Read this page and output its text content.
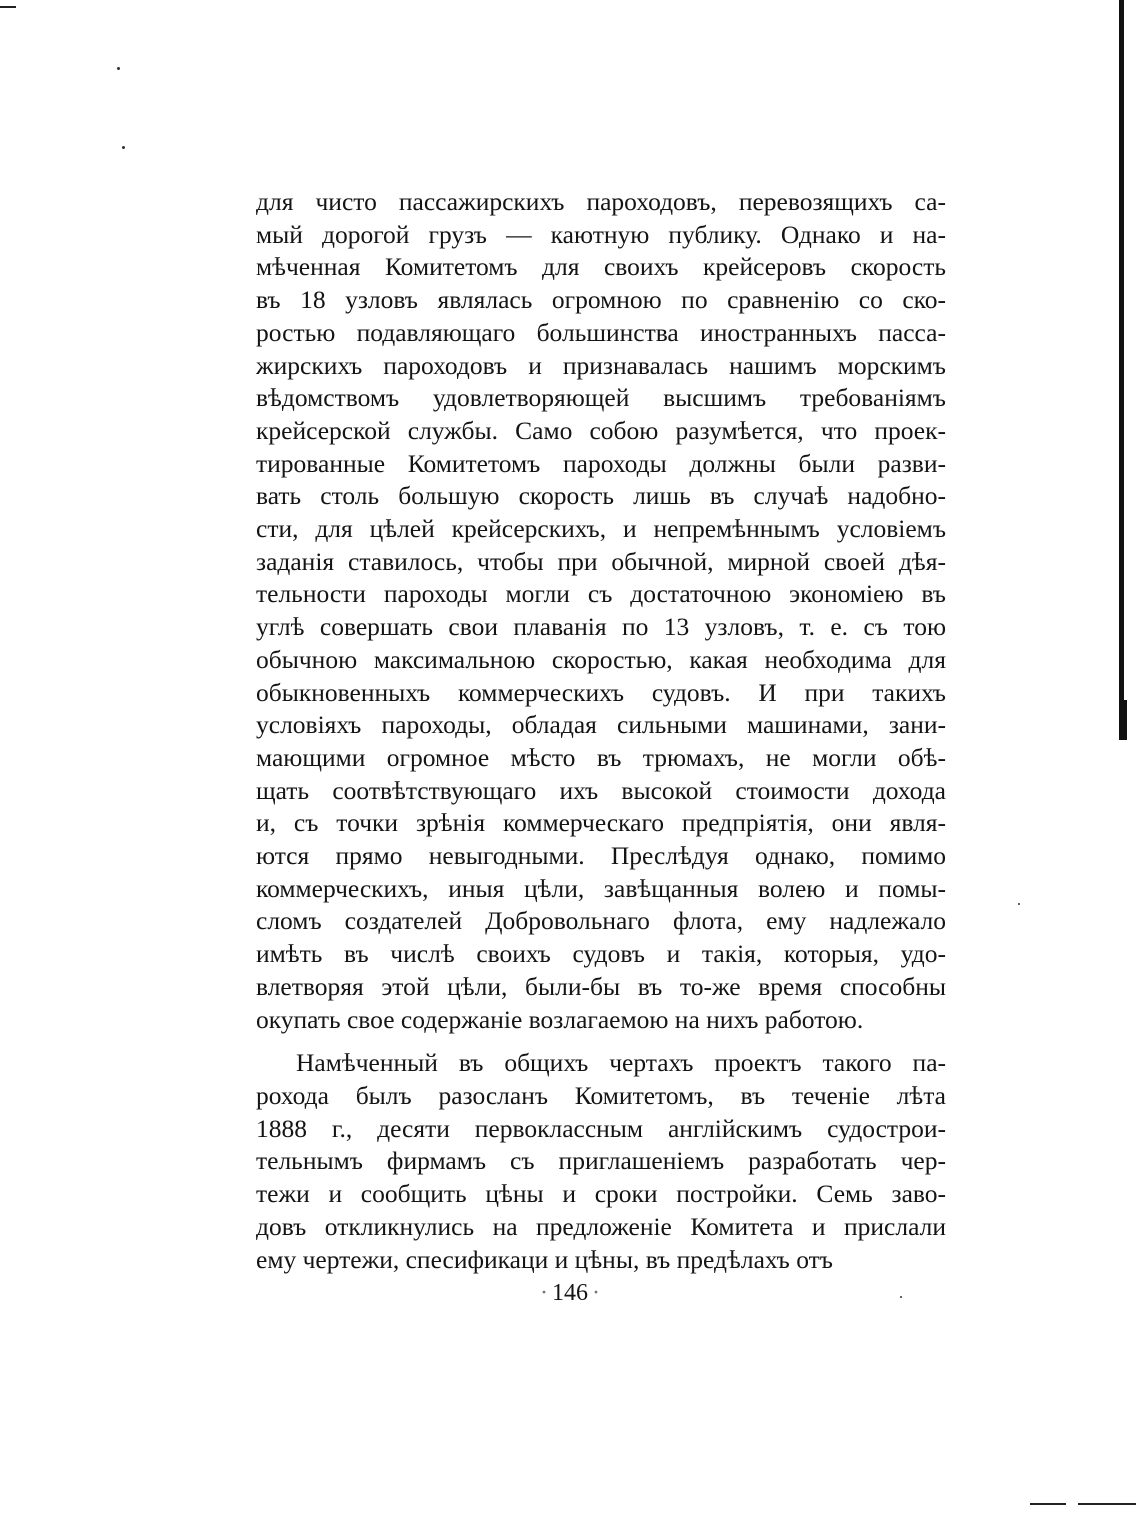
для чисто пассажирскихъ пароходовъ, перевозящихъ са-
мый дорогой грузъ — каютную публику. Однако и на-
мѣченная Комитетомъ для своихъ крейсеровъ скорость
въ 18 узловъ являлась огромною по сравненію со ско-
ростью подавляющаго большинства иностранныхъ пасса-
жирскихъ пароходовъ и признавалась нашимъ морскимъ
вѣдомствомъ удовлетворяющей высшимъ требованіямъ
крейсерской службы. Само собою разумѣется, что проек-
тированные Комитетомъ пароходы должны были разви-
вать столь большую скорость лишь въ случаѣ надобно-
сти, для цѣлей крейсерскихъ, и непремѣннымъ условіемъ
заданія ставилось, чтобы при обычной, мирной своей дѣя-
тельности пароходы могли съ достаточною экономіею въ
углѣ совершать свои плаванія по 13 узловъ, т. е. съ тою
обычною максимальною скоростью, какая необходима для
обыкновенныхъ коммерческихъ судовъ. И при такихъ
условіяхъ пароходы, обладая сильными машинами, зани-
мающими огромное мѣсто въ трюмахъ, не могли обѣ-
щать соотвѣтствующаго ихъ высокой стоимости дохода
и, съ точки зрѣнія коммерческаго предпріятія, они явля-
ются прямо невыгодными. Преслѣдуя однако, помимо
коммерческихъ, иныя цѣли, завѣщанныя волею и помы-
сломъ создателей Добровольнаго флота, ему надлежало
имѣть въ числѣ своихъ судовъ и такія, которыя, удо-
влетворяя этой цѣли, были-бы въ то-же время способны
окупать свое содержаніе возлагаемою на нихъ работою.
Намѣченный въ общихъ чертахъ проектъ такого па-
рохода былъ разосланъ Комитетомъ, въ теченіе лѣта
1888 г., десяти первоклассным англійскимъ судострои-
тельнымъ фирмамъ съ приглашеніемъ разработать чер-
тежи и сообщить цѣны и сроки постройки. Семь заво-
довъ откликнулись на предложеніе Комитета и прислали
ему чертежи, спесификаци и цѣны, въ предѣлахъ отъ
· 146 ·
